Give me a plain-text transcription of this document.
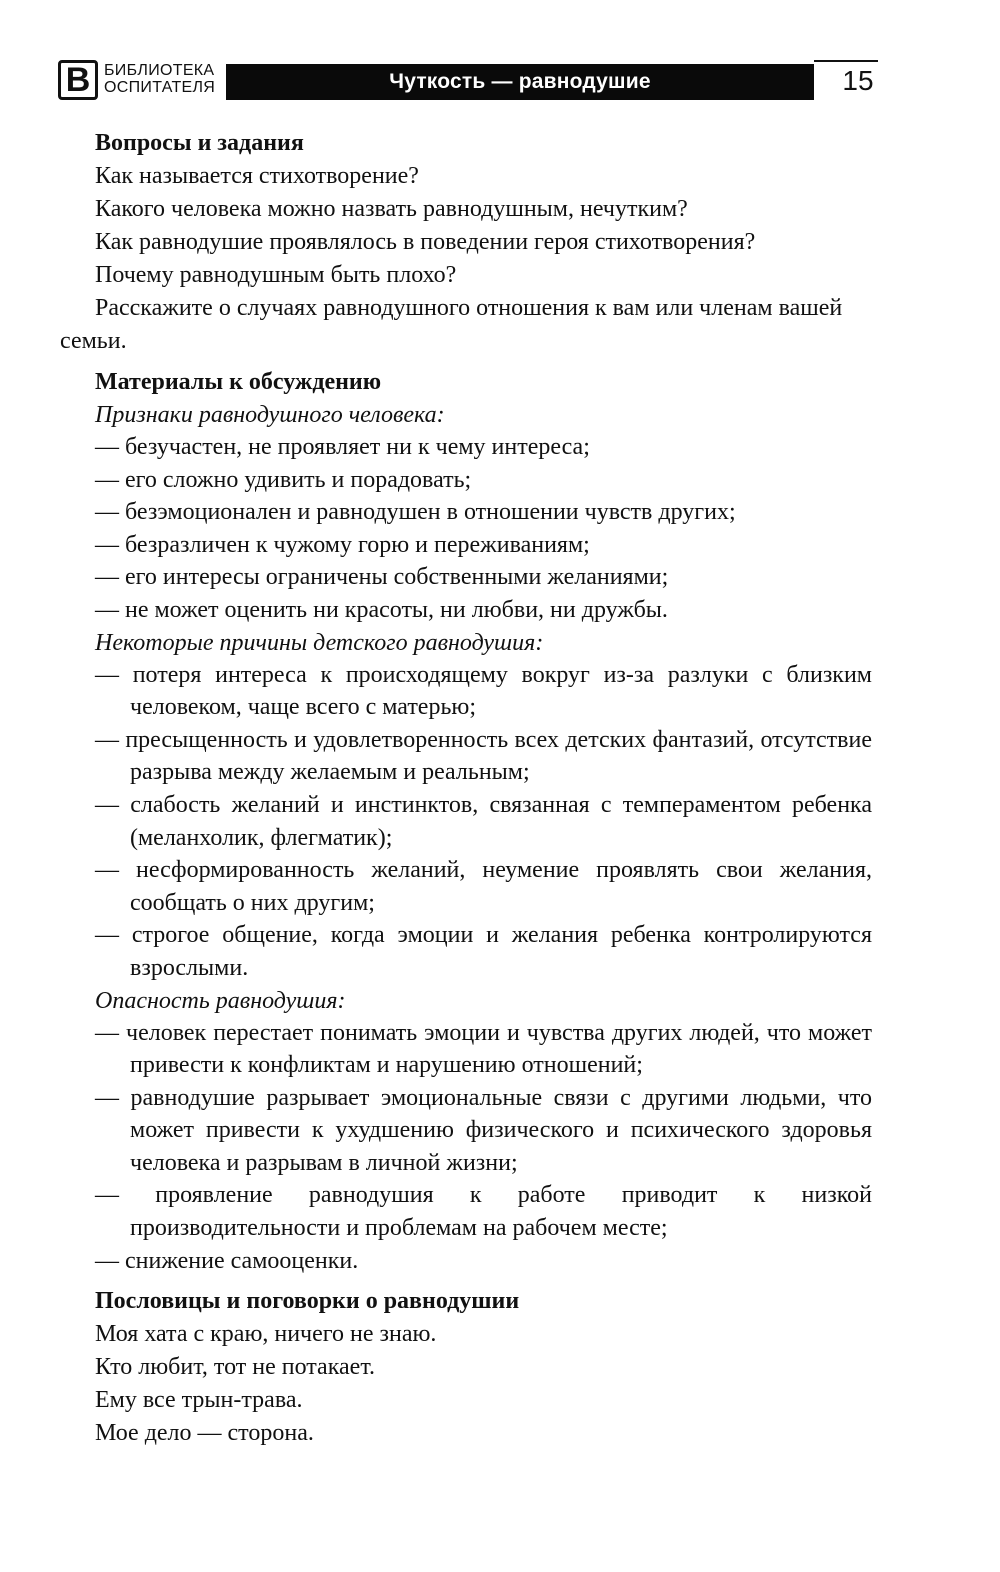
В БИБЛИОТЕКА
ОСПИТАТЕЛЯ	Чуткость — равнодушие	15
Вопросы и задания
Как называется стихотворение?
Какого человека можно назвать равнодушным, нечутким?
Как равнодушие проявлялось в поведении героя стихотворения?
Почему равнодушным быть плохо?
Расскажите о случаях равнодушного отношения к вам или членам вашей семьи.
Материалы к обсуждению
Признаки равнодушного человека:
— безучастен, не проявляет ни к чему интереса;
— его сложно удивить и порадовать;
— безэмоционален и равнодушен в отношении чувств других;
— безразличен к чужому горю и переживаниям;
— его интересы ограничены собственными желаниями;
— не может оценить ни красоты, ни любви, ни дружбы.
Некоторые причины детского равнодушия:
— потеря интереса к происходящему вокруг из-за разлуки с близким человеком, чаще всего с матерью;
— пресыщенность и удовлетворенность всех детских фантазий, отсутствие разрыва между желаемым и реальным;
— слабость желаний и инстинктов, связанная с темпераментом ребенка (меланхолик, флегматик);
— несформированность желаний, неумение проявлять свои желания, сообщать о них другим;
— строгое общение, когда эмоции и желания ребенка контролируются взрослыми.
Опасность равнодушия:
— человек перестает понимать эмоции и чувства других людей, что может привести к конфликтам и нарушению отношений;
— равнодушие разрывает эмоциональные связи с другими людьми, что может привести к ухудшению физического и психического здоровья человека и разрывам в личной жизни;
— проявление равнодушия к работе приводит к низкой производительности и проблемам на рабочем месте;
— снижение самооценки.
Пословицы и поговорки о равнодушии
Моя хата с краю, ничего не знаю.
Кто любит, тот не потакает.
Ему все трын-трава.
Мое дело — сторона.
